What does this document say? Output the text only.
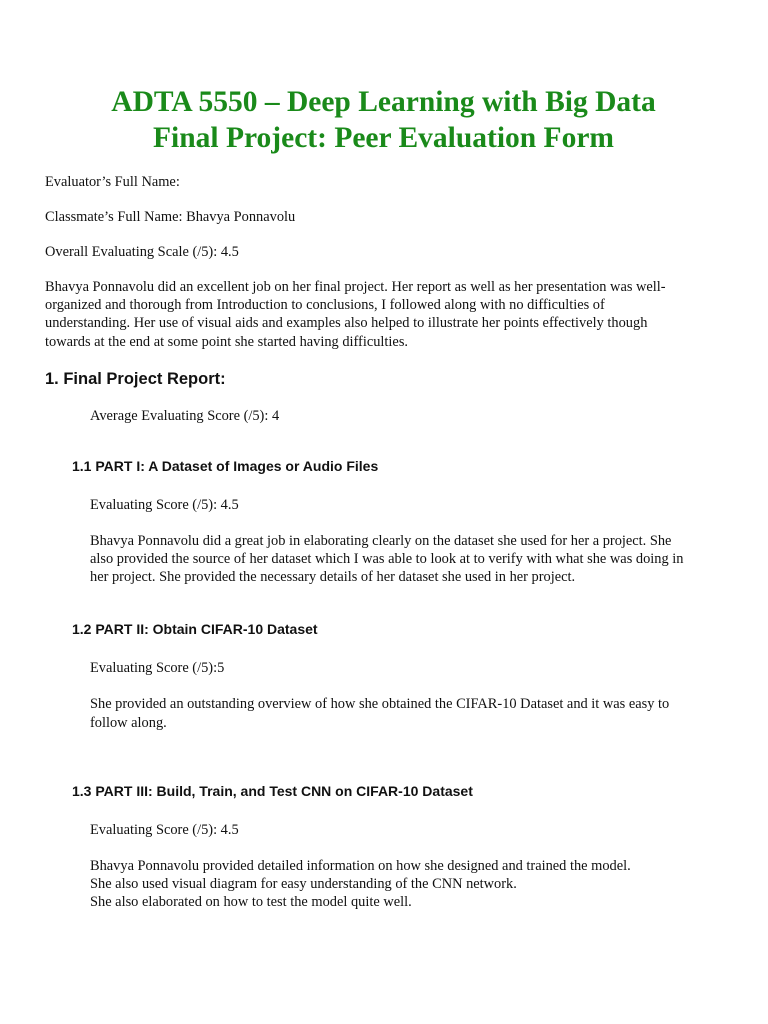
ADTA 5550 – Deep Learning with Big Data
Final Project: Peer Evaluation Form

Evaluator’s Full Name:

Classmate’s Full Name: Bhavya Ponnavolu

Overall Evaluating Scale (/5): 4.5

Bhavya Ponnavolu did an excellent job on her final project. Her report as well as her presentation was well-
organized and thorough from Introduction to conclusions, I followed along with no difficulties of
understanding. Her use of visual aids and examples also helped to illustrate her points effectively though
towards at the end at some point she started having difficulties.
1. Final Project Report:

Average Evaluating Score (/5): 4

1.1 PART I: A Dataset of Images or Audio Files

Evaluating Score (/5): 4.5

Bhavya Ponnavolu did a great job in elaborating clearly on the dataset she used for her a project. She
also provided the source of her dataset which I was able to look at to verify with what she was doing in
her project. She provided the necessary details of her dataset she used in her project.
1.2 PART II: Obtain CIFAR-10 Dataset

Evaluating Score (/5):5

She provided an outstanding overview of how she obtained the CIFAR-10 Dataset and it was easy to
follow along.
1.3 PART III: Build, Train, and Test CNN on CIFAR-10 Dataset

Evaluating Score (/5): 4.5

Bhavya Ponnavolu provided detailed information on how she designed and trained the model.
She also used visual diagram for easy understanding of the CNN network.
She also elaborated on how to test the model quite well.
